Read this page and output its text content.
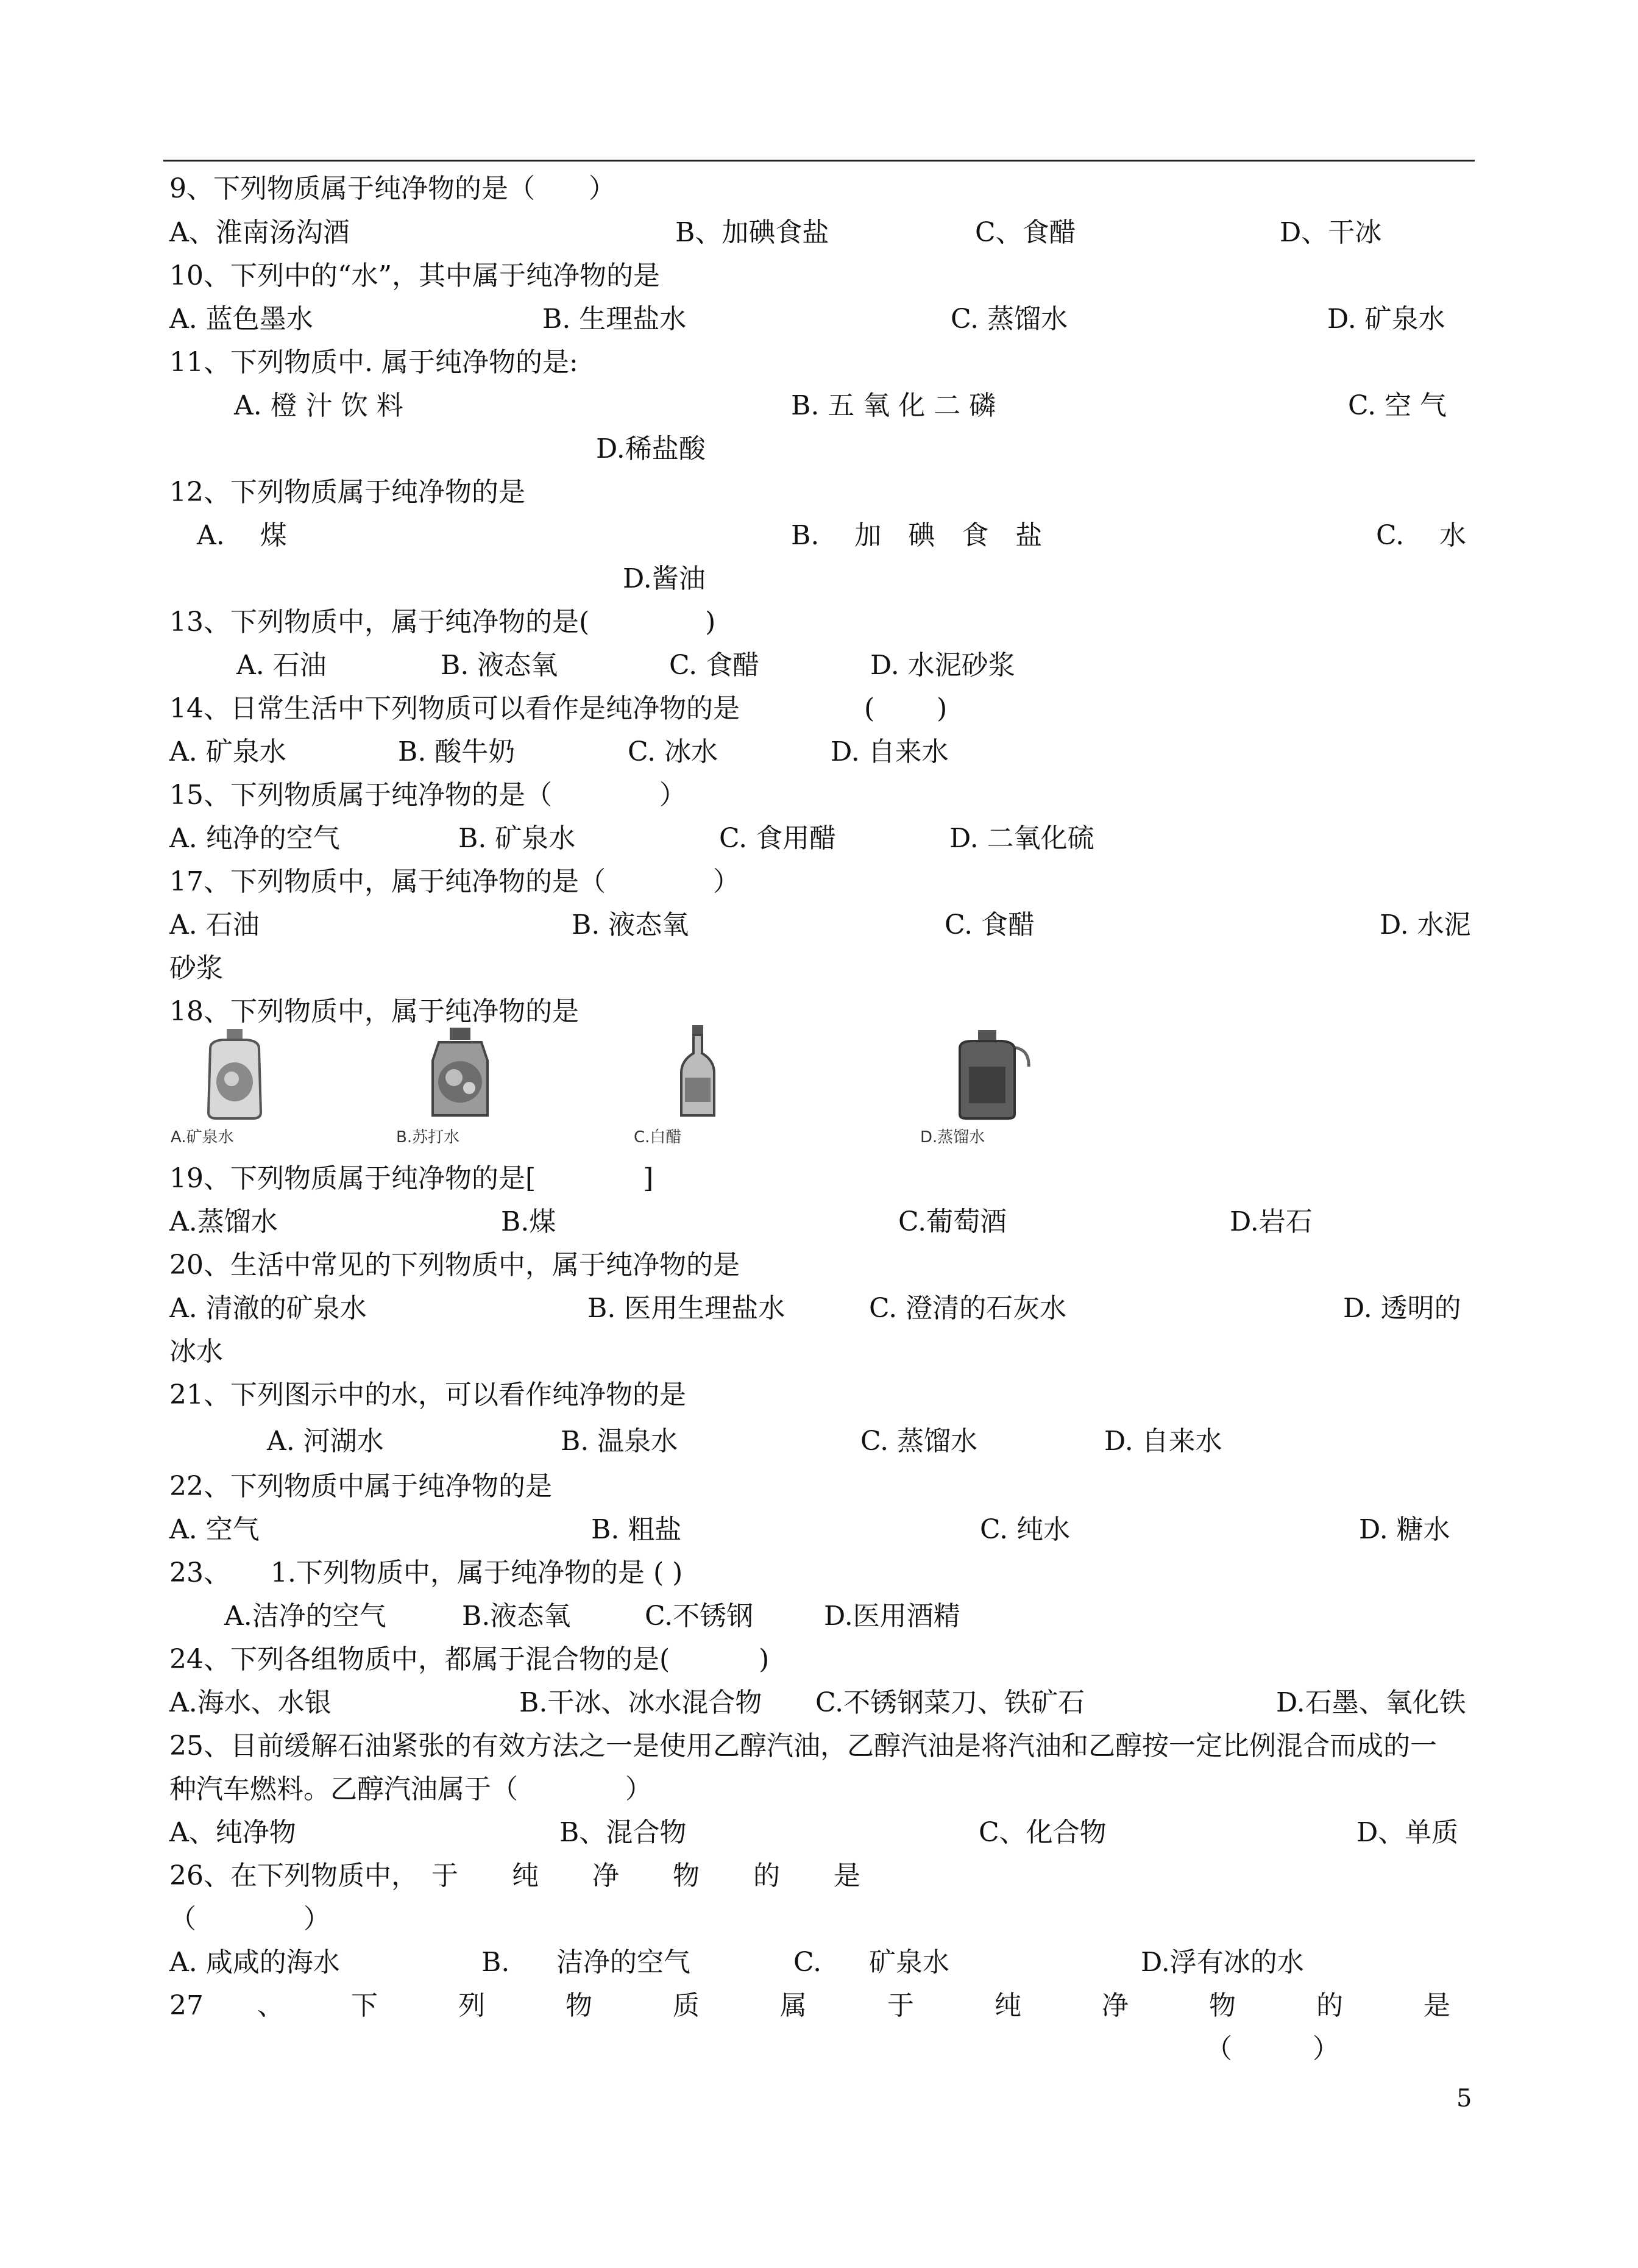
9、下列物质属于纯净物的是（　　）
A、淮南汤沟酒	B、加碘食盐	C、食醋	D、干冰
10、下列中的“水”，其中属于纯净物的是
A. 蓝色墨水	B. 生理盐水	C. 蒸馏水	D. 矿泉水
11、下列物质中. 属于纯净物的是:
A. 橙 汁 饮 料	B. 五 氧 化 二 磷	C. 空 气
D.稀盐酸
12、下列物质属于纯净物的是
A.　 煤	B.　 加　碘　食　盐	C.　 水
D.酱油
13、下列物质中，属于纯净物的是(　　　　 )
A. 石油	B. 液态氧	C. 食醋	D. 水泥砂浆
14、日常生活中下列物质可以看作是纯净物的是	(　　 )
A. 矿泉水	B. 酸牛奶	C. 冰水	D. 自来水
15、下列物质属于纯净物的是（　　　　）
A. 纯净的空气	B. 矿泉水	C. 食用醋	D. 二氧化硫
17、下列物质中，属于纯净物的是（　　　　）
A. 石油	B. 液态氧	C. 食醋	D. 水泥
砂浆
18、下列物质中，属于纯净物的是
A.矿泉水	B.苏打水	C.白醋	D.蒸馏水
19、下列物质属于纯净物的是[　　　　]
A.蒸馏水	B.煤	C.葡萄酒	D.岩石
20、生活中常见的下列物质中，属于纯净物的是
A. 清澈的矿泉水	B. 医用生理盐水	C. 澄清的石灰水	D. 透明的
冰水
21、下列图示中的水，可以看作纯净物的是
A. 河湖水	B. 温泉水	C. 蒸馏水	D. 自来水
22、下列物质中属于纯净物的是
A. 空气	B. 粗盐	C. 纯水	D. 糖水
23、　　1.下列物质中，属于纯净物的是 ( )
A.洁净的空气	B.液态氧	C.不锈钢	D.医用酒精
24、下列各组物质中，都属于混合物的是(　　　 )
A.海水、水银	B.干冰、冰水混合物 C.不锈钢菜刀、铁矿石	D.石墨、氧化铁
25、目前缓解石油紧张的有效方法之一是使用乙醇汽油，乙醇汽油是将汽油和乙醇按一定比例混合而成的一
种汽车燃料。乙醇汽油属于（　　　　）
A、纯净物	B、混合物	C、化合物	D、单质
26、在下列物质中，　于　　纯　　净　　物　　的　　是
（　　　　）
A. 咸咸的海水	B. 洁净的空气	C. 矿泉水	D.浮有冰的水
27　　、　　　下　　　列　　　物　　　质　　　属　　　于　　　纯　　　净　　　物　　　的　　　是
（　　　）
5
